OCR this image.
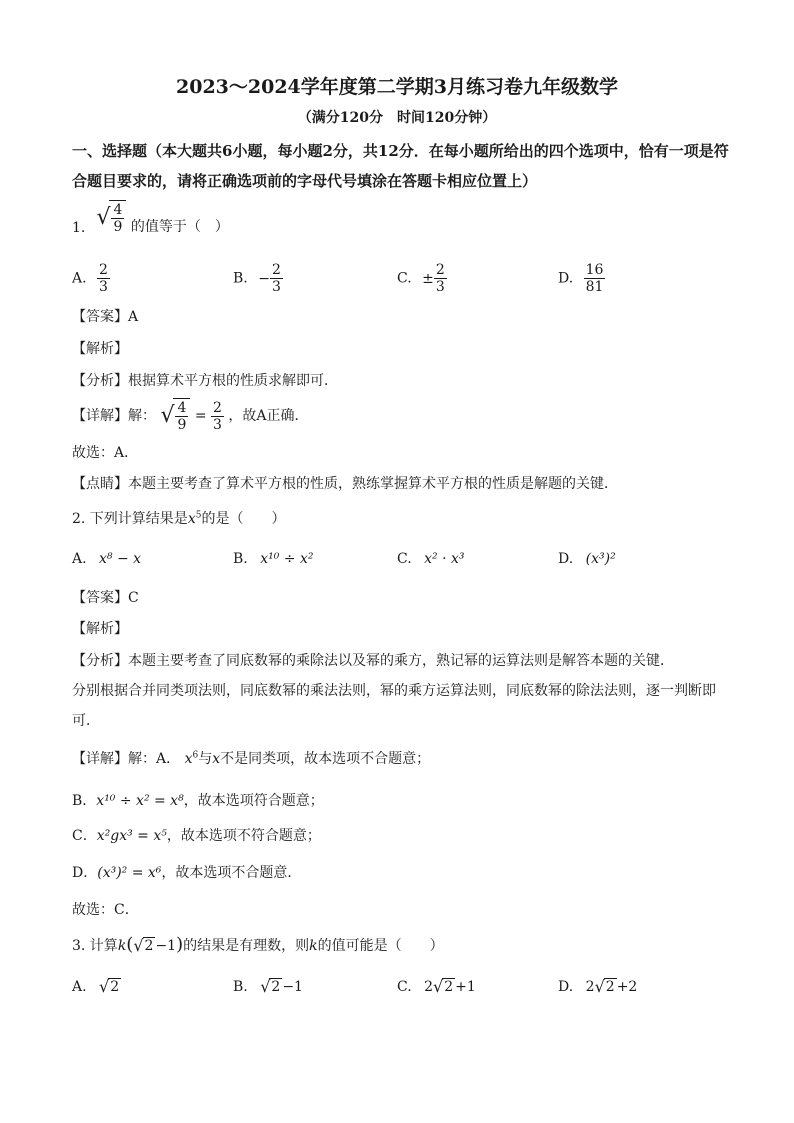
2023～2024学年度第二学期3月练习卷九年级数学
（满分120分　时间120分钟）
一、选择题（本大题共6小题，每小题2分，共12分．在每小题所给出的四个选项中，恰有一项是符合题目要求的，请将正确选项前的字母代号填涂在答题卡相应位置上）
1. √ $\frac{4}{9}$ 的值等于（　）
A. $\frac{2}{3}$	B. − $\frac{2}{3}$	C. ± $\frac{2}{3}$	D. $\frac{16}{81}$
【答案】A
【解析】
【分析】根据算术平方根的性质求解即可．
【详解】解： √ $\frac{4}{9} = \frac{2}{3}$ ，故A正确．
故选：A．
【点睛】本题主要考查了算术平方根的性质，熟练掌握算术平方根的性质是解题的关键．
2. 下列计算结果是$x^5$的是（　　）
A. x⁸ − x	B. x¹⁰ ÷ x²	C. x² · x³	D. (x³)²
【答案】C
【解析】
【分析】本题主要考查了同底数幂的乘除法以及幂的乘方，熟记幂的运算法则是解答本题的关键．
分别根据合并同类项法则，同底数幂的乘法法则，幂的乘方运算法则，同底数幂的除法法则，逐一判断即可．
【详解】解：A． $x^6$与x不是同类项，故本选项不合题意；
B．x¹⁰ ÷ x² = x⁸，故本选项符合题意；
C．x²gx³ = x⁵，故本选项不符合题意；
D．(x³)² = x⁶，故本选项不合题意．
故选：C．
3. 计算k( √ 2 −1)的结果是有理数，则k的值可能是（　　）
A. √ 2	B. √ 2 −1	C. 2 √ 2 +1	D. 2 √ 2 +2
